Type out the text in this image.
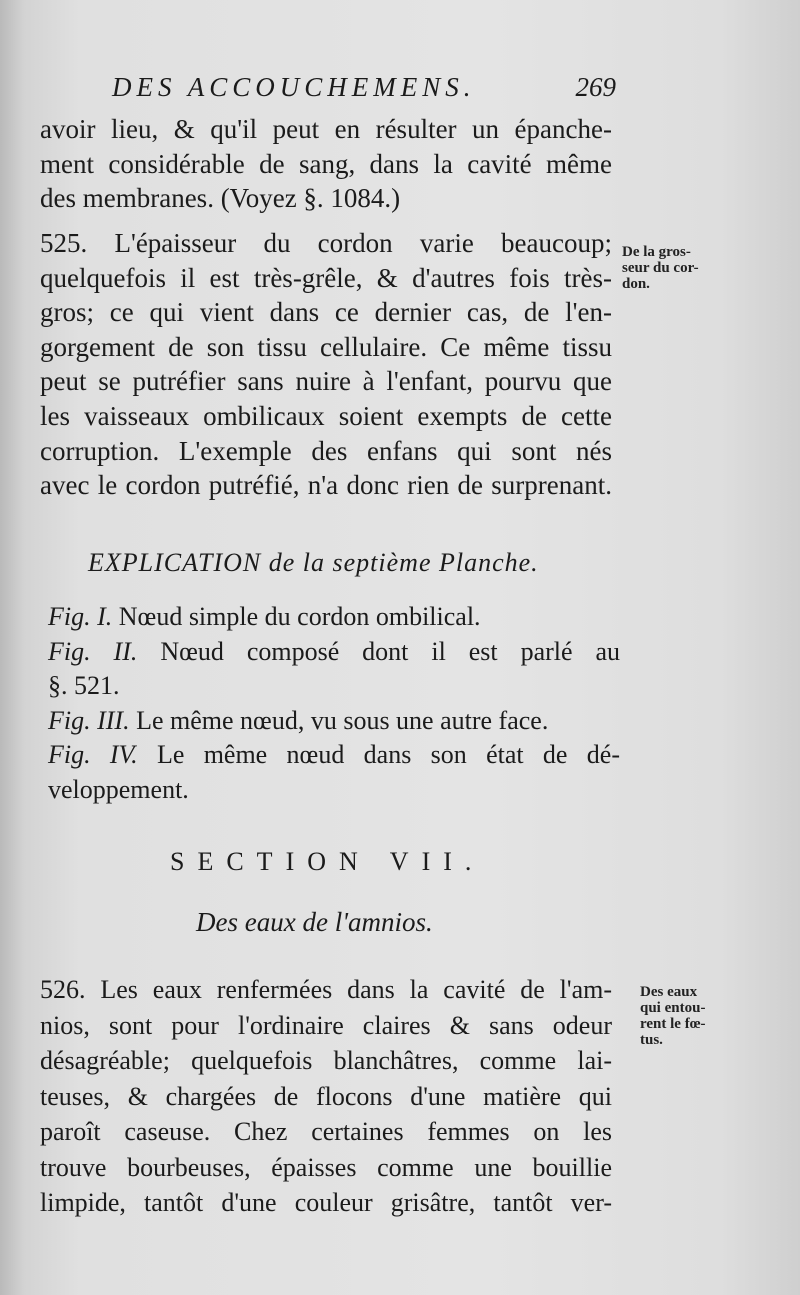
DES ACCOUCHEMENS.	269
avoir lieu, & qu'il peut en résulter un épanche-
ment considérable de sang, dans la cavité même
des membranes. (Voyez §. 1084.)
525. L'épaisseur du cordon varie beaucoup;
quelquefois il est très-grêle, & d'autres fois très-
gros; ce qui vient dans ce dernier cas, de l'en-
gorgement de son tissu cellulaire. Ce même tissu
peut se putréfier sans nuire à l'enfant, pourvu que
les vaisseaux ombilicaux soient exempts de cette
corruption. L'exemple des enfans qui sont nés
avec le cordon putréfié, n'a donc rien de surprenant.
De la gros-
seur du cor-
don.
EXPLICATION de la septième Planche.
Fig. I. Nœud simple du cordon ombilical.
Fig. II. Nœud composé dont il est parlé au
§. 521.
Fig. III. Le même nœud, vu sous une autre face.
Fig. IV. Le même nœud dans son état de dé-
veloppement.
SECTION VII.
Des eaux de l'amnios.
526. Les eaux renfermées dans la cavité de l'am-
nios, sont pour l'ordinaire claires & sans odeur
désagréable; quelquefois blanchâtres, comme lai-
teuses, & chargées de flocons d'une matière qui
paroît caseuse. Chez certaines femmes on les
trouve bourbeuses, épaisses comme une bouillie
limpide, tantôt d'une couleur grisâtre, tantôt ver-
Des eaux
qui entou-
rent le fœ-
tus.
